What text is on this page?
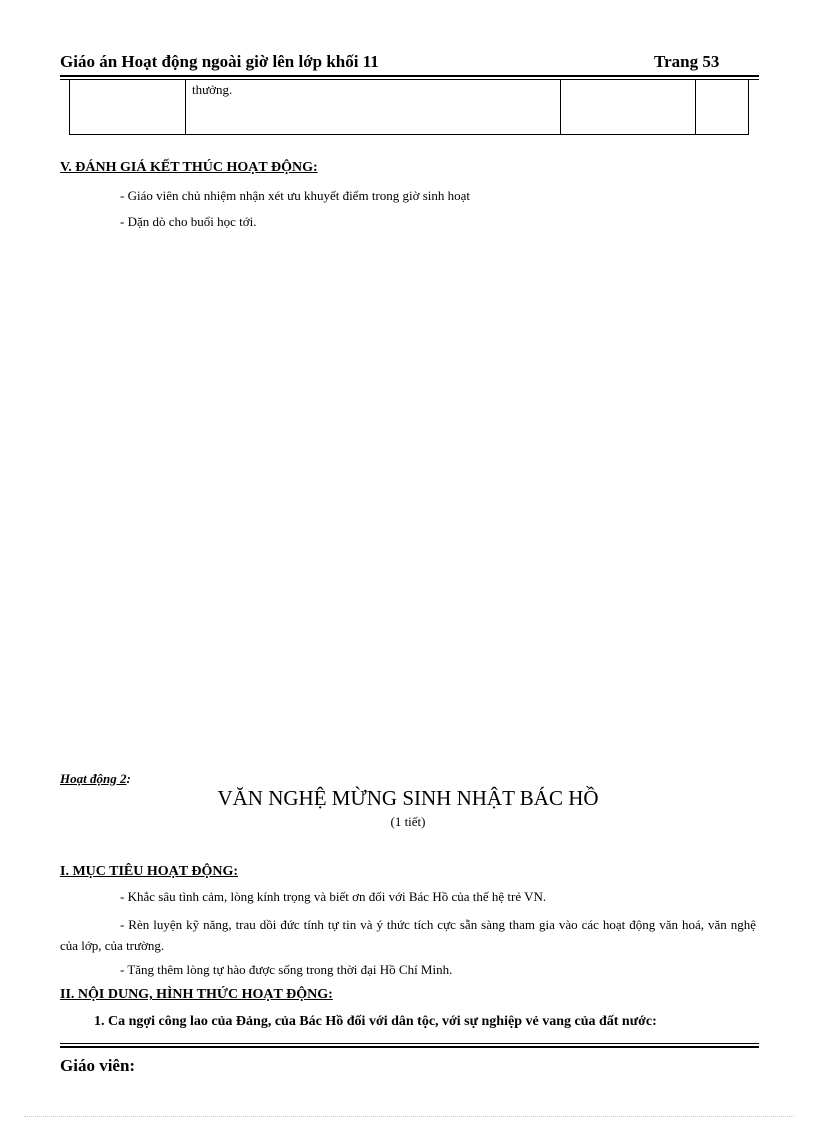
Giáo án Hoạt động ngoài giờ lên lớp khối 11	Trang 53
	thưởng.		
V. ĐÁNH GIÁ KẾT THÚC HOẠT ĐỘNG:
- Giáo viên chủ nhiệm nhận xét ưu khuyết điểm trong giờ sinh hoạt
- Dặn dò cho buổi học tới.
Hoạt động 2:
VĂN NGHỆ MỪNG SINH NHẬT BÁC HỒ
(1 tiết)
I. MỤC TIÊU HOẠT ĐỘNG:
- Khắc sâu tình cảm, lòng kính trọng và biết ơn đối với Bác Hồ của thế hệ trẻ VN.
- Rèn luyện kỹ năng, trau dồi đức tính tự tin và ý thức tích cực sẵn sàng tham gia vào các hoạt động văn hoá, văn nghệ của lớp, của trường.
- Tăng thêm lòng tự hào được sống trong thời đại Hồ Chí Minh.
II. NỘI DUNG, HÌNH THỨC HOẠT ĐỘNG:
1. Ca ngợi công lao của Đảng, của Bác Hồ đối với dân tộc, với sự nghiệp vẻ vang của đất nước:
Giáo viên:
